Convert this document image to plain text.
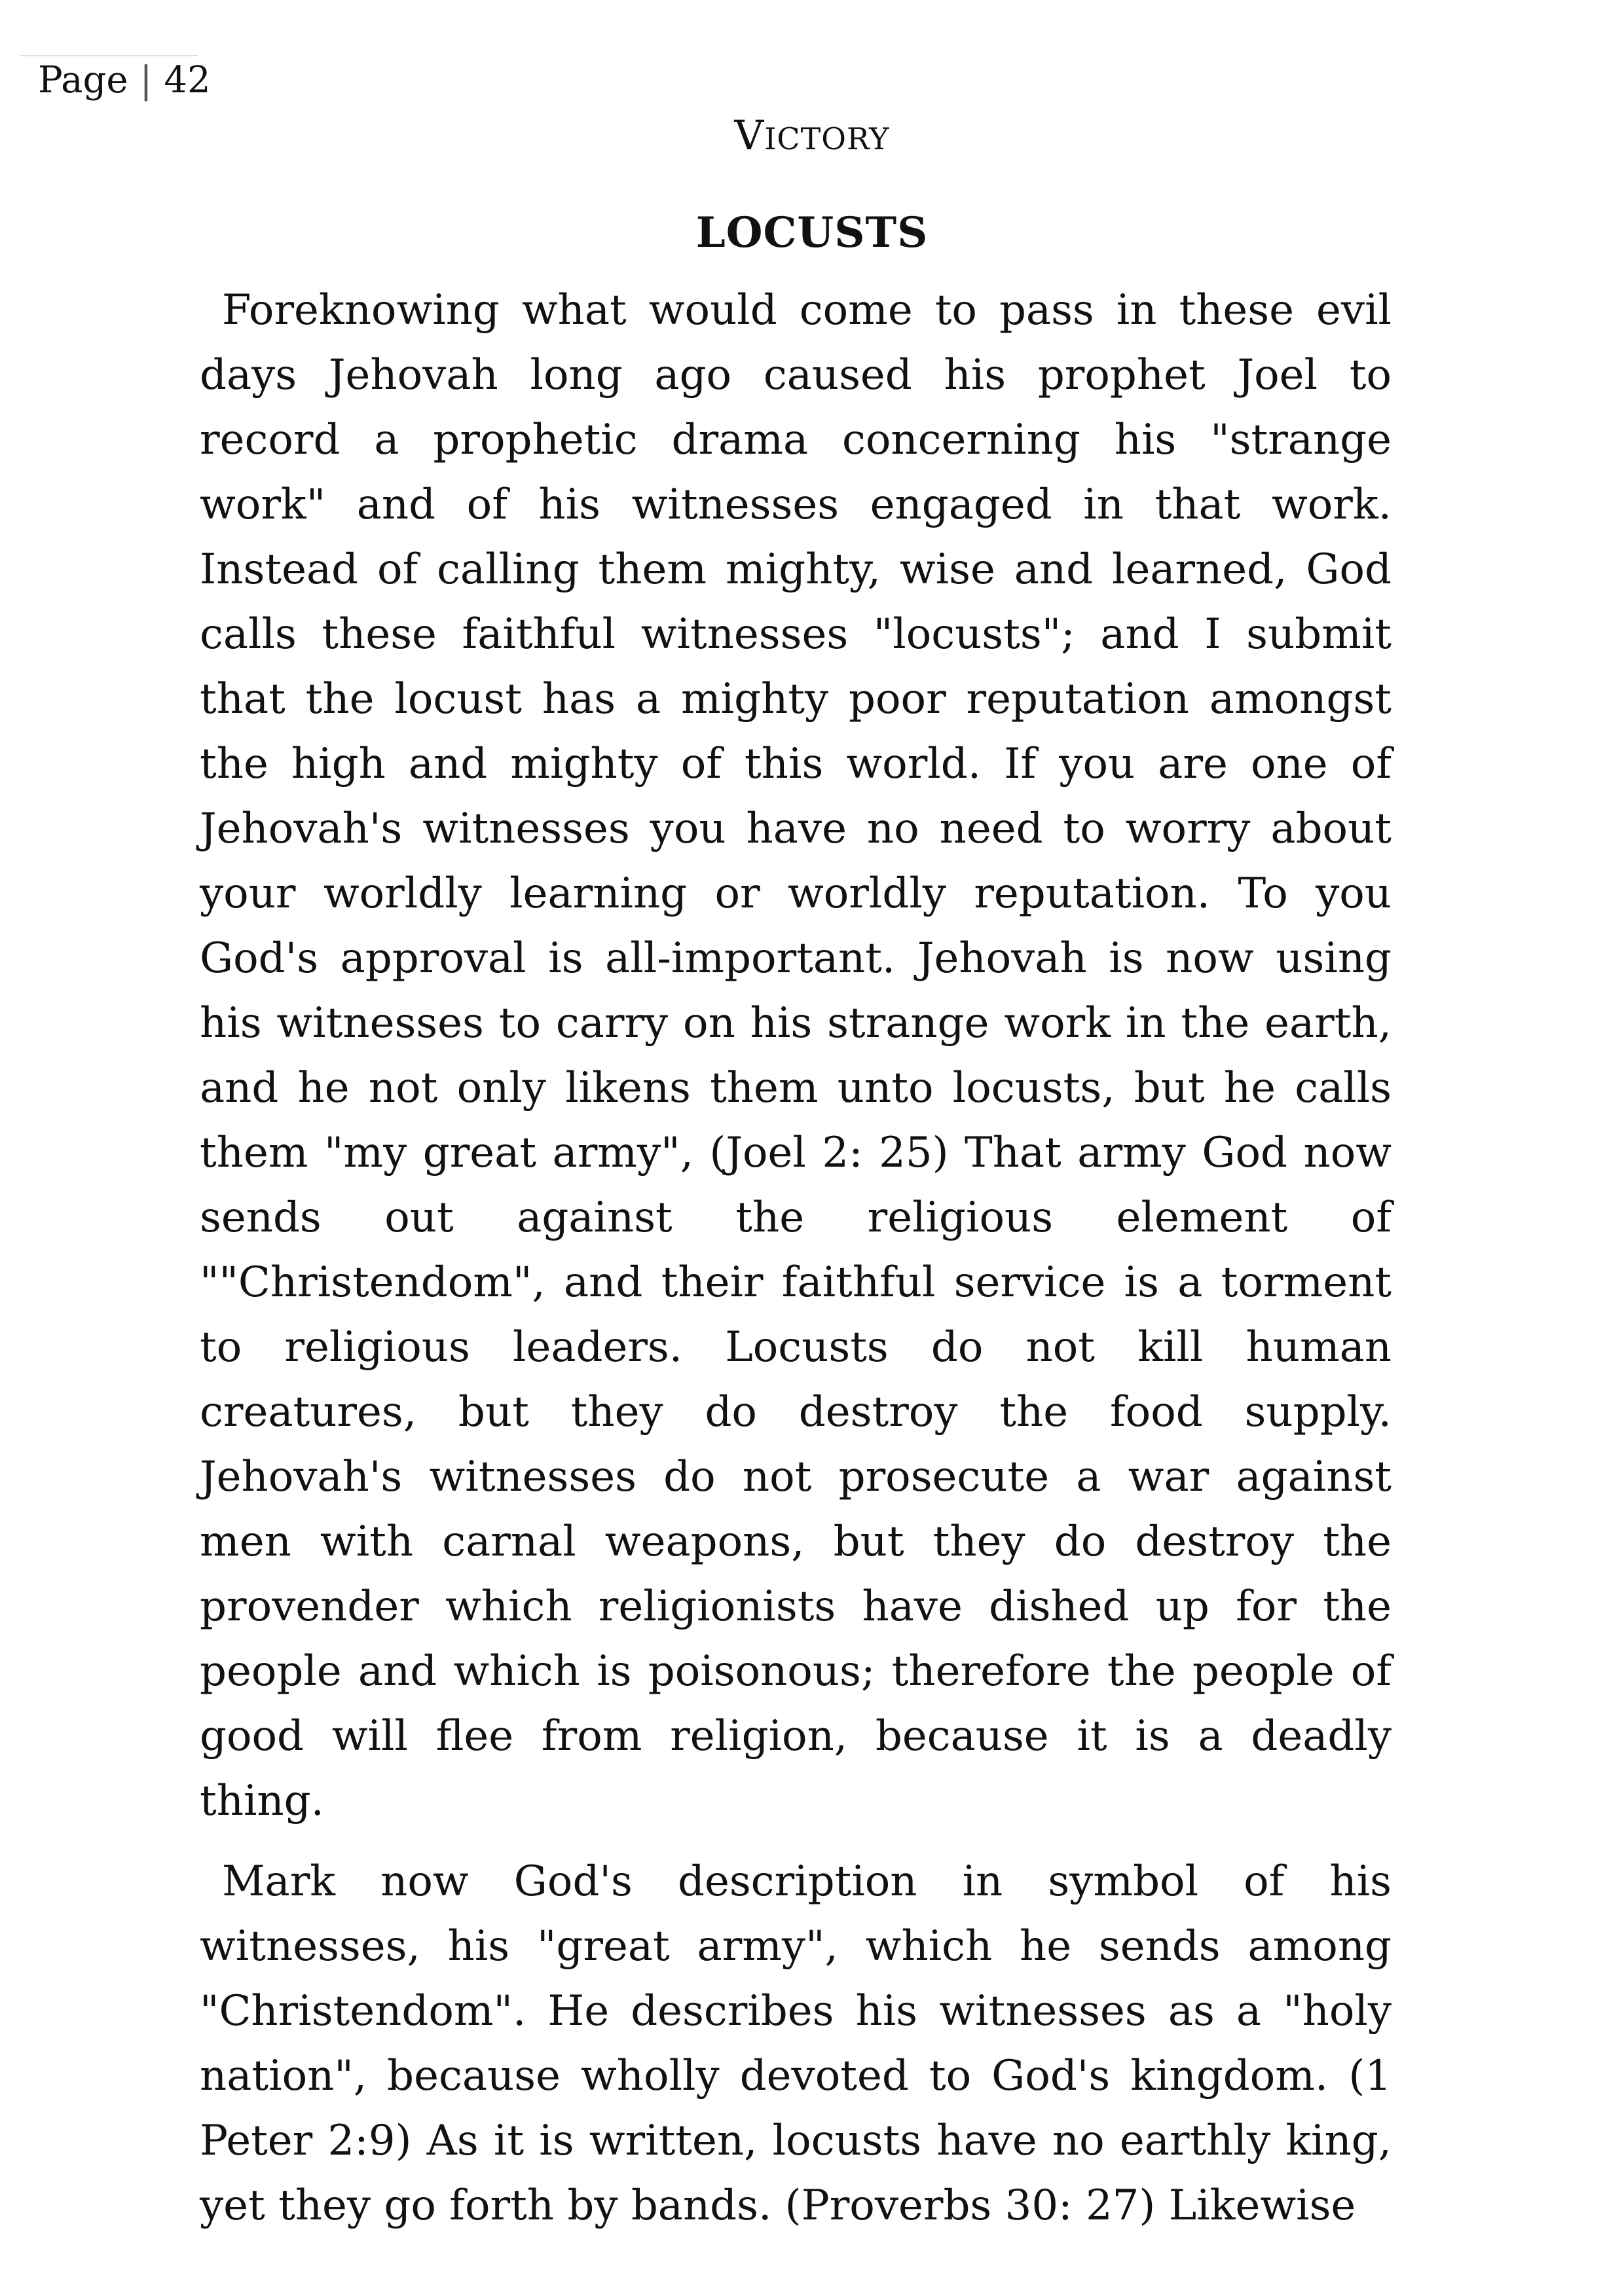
Page | 42
VICTORY
LOCUSTS

Foreknowing what would come to pass in these evil days Jehovah long ago caused his prophet Joel to record a prophetic drama concerning his "strange work" and of his witnesses engaged in that work. Instead of calling them mighty, wise and learned, God calls these faithful witnesses "locusts"; and I submit that the locust has a mighty poor reputation amongst the high and mighty of this world. If you are one of Jehovah's witnesses you have no need to worry about your worldly learning or worldly reputation. To you God's approval is all-important. Jehovah is now using his witnesses to carry on his strange work in the earth, and he not only likens them unto locusts, but he calls them "my great army", (Joel 2: 25) That army God now sends out against the religious element of ""Christendom", and their faithful service is a torment to religious leaders. Locusts do not kill human creatures, but they do destroy the food supply. Jehovah's witnesses do not prosecute a war against men with carnal weapons, but they do destroy the provender which religionists have dished up for the people and which is poisonous; therefore the people of good will flee from religion, because it is a deadly thing.

Mark now God's description in symbol of his witnesses, his "great army", which he sends among "Christendom". He describes his witnesses as a "holy nation", because wholly devoted to God's kingdom. (1 Peter 2:9) As it is written, locusts have no earthly king, yet they go forth by bands. (Proverbs 30: 27) Likewise
